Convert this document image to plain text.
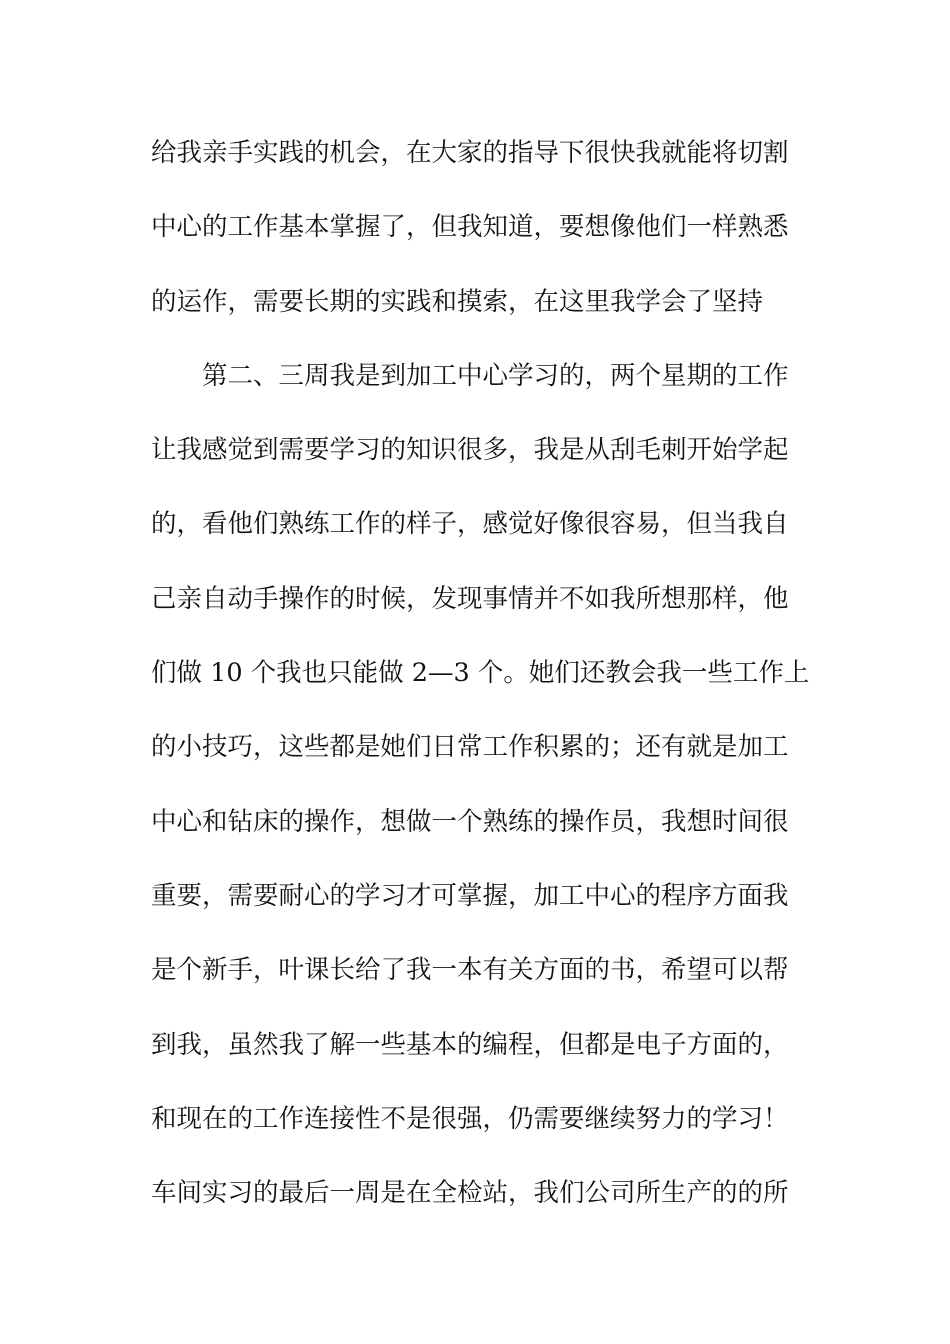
给我亲手实践的机会，在大家的指导下很快我就能将切割
中心的工作基本掌握了，但我知道，要想像他们一样熟悉
的运作，需要长期的实践和摸索，在这里我学会了坚持
第二、三周我是到加工中心学习的，两个星期的工作
让我感觉到需要学习的知识很多，我是从刮毛刺开始学起
的，看他们熟练工作的样子，感觉好像很容易，但当我自
己亲自动手操作的时候，发现事情并不如我所想那样，他
们做 10 个我也只能做 2—3 个。她们还教会我一些工作上
的小技巧，这些都是她们日常工作积累的；还有就是加工
中心和钻床的操作，想做一个熟练的操作员，我想时间很
重要，需要耐心的学习才可掌握，加工中心的程序方面我
是个新手，叶课长给了我一本有关方面的书，希望可以帮
到我，虽然我了解一些基本的编程，但都是电子方面的，
和现在的工作连接性不是很强，仍需要继续努力的学习！
车间实习的最后一周是在全检站，我们公司所生产的的所
